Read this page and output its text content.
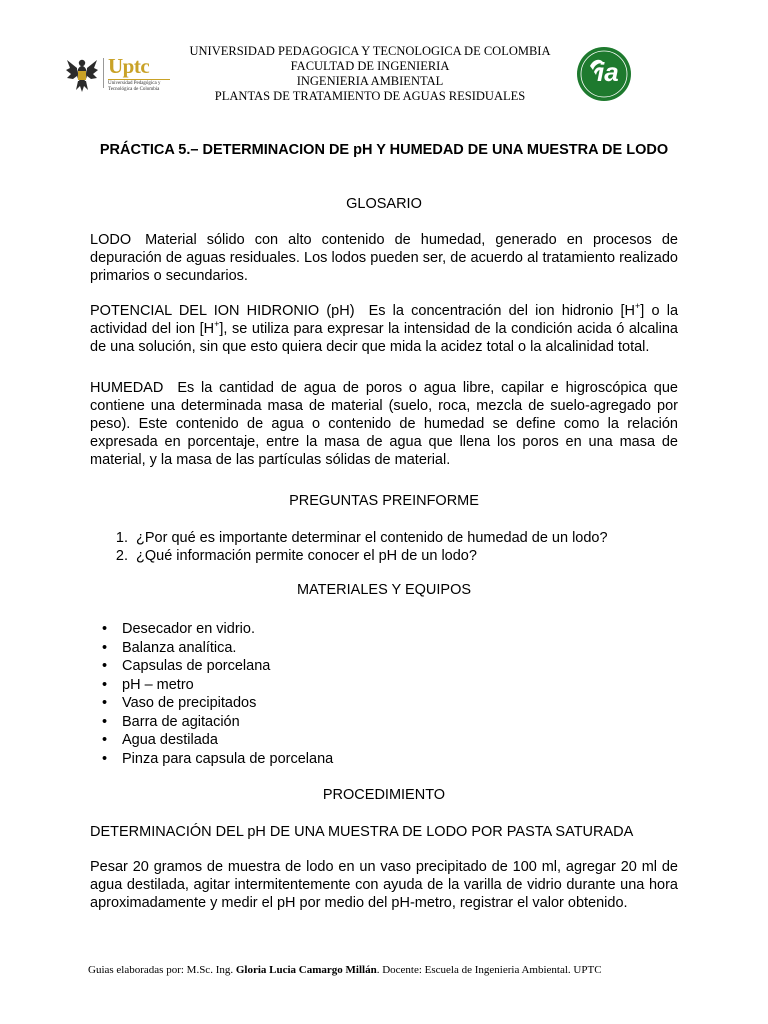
Uptc
Universidad Pedagógica y
Tecnológica de Colombia
UNIVERSIDAD PEDAGOGICA Y TECNOLOGICA DE COLOMBIA
FACULTAD DE INGENIERIA
INGENIERIA AMBIENTAL
PLANTAS DE TRATAMIENTO DE AGUAS RESIDUALES
ia
PRÁCTICA 5.– DETERMINACION DE pH Y HUMEDAD DE UNA MUESTRA DE LODO
GLOSARIO
LODO Material sólido con alto contenido de humedad, generado en procesos de depuración de aguas residuales. Los lodos pueden ser, de acuerdo al tratamiento realizado primarios o secundarios.
POTENCIAL DEL ION HIDRONIO (pH) Es la concentración del ion hidronio [H+] o la actividad del ion [H+], se utiliza para expresar la intensidad de la condición acida ó alcalina de una solución, sin que esto quiera decir que mida la acidez total o la alcalinidad total.
HUMEDAD Es la cantidad de agua de poros o agua libre, capilar e higroscópica que contiene una determinada masa de material (suelo, roca, mezcla de suelo-agregado por peso). Este contenido de agua o contenido de humedad se define como la relación expresada en porcentaje, entre la masa de agua que llena los poros en una masa de material, y la masa de las partículas sólidas de material.
PREGUNTAS PREINFORME
1. ¿Por qué es importante determinar el contenido de humedad de un lodo?
2. ¿Qué información permite conocer el pH de un lodo?
MATERIALES Y EQUIPOS
• Desecador en vidrio.
• Balanza analítica.
• Capsulas de porcelana
• pH – metro
• Vaso de precipitados
• Barra de agitación
• Agua destilada
• Pinza para capsula de porcelana
PROCEDIMIENTO
DETERMINACIÓN DEL pH DE UNA MUESTRA DE LODO POR PASTA SATURADA
Pesar 20 gramos de muestra de lodo en un vaso precipitado de 100 ml, agregar 20 ml de agua destilada, agitar intermitentemente con ayuda de la varilla de vidrio durante una hora aproximadamente y medir el pH por medio del pH-metro, registrar el valor obtenido.
Guias elaboradas por: M.Sc. Ing. Gloria Lucia Camargo Millán. Docente: Escuela de Ingenieria Ambiental. UPTC
